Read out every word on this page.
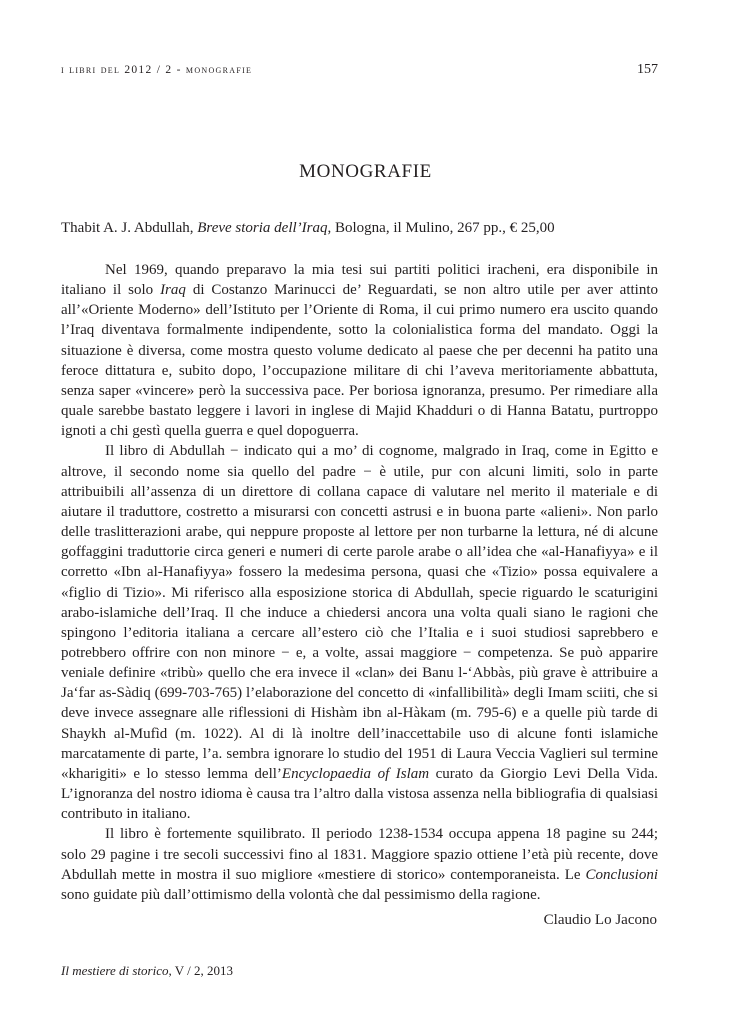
i libri del 2012 / 2 - monografie	157
MONOGRAFIE
Thabit A. J. Abdullah, Breve storia dell’Iraq, Bologna, il Mulino, 267 pp., € 25,00

Nel 1969, quando preparavo la mia tesi sui partiti politici iracheni, era disponibile in italiano il solo Iraq di Costanzo Marinucci de’ Reguardati, se non altro utile per aver attinto all’«Oriente Moderno» dell’Istituto per l’Oriente di Roma, il cui primo numero era uscito quando l’Iraq diventava formalmente indipendente, sotto la colonialistica forma del mandato. Oggi la situazione è diversa, come mostra questo volume dedicato al paese che per decenni ha patito una feroce dittatura e, subito dopo, l’occupazione militare di chi l’aveva meritoriamente abbattuta, senza saper «vincere» però la successiva pace. Per boriosa ignoranza, presumo. Per rimediare alla quale sarebbe bastato leggere i lavori in inglese di Majid Khadduri o di Hanna Batatu, purtroppo ignoti a chi gestì quella guerra e quel dopoguerra.

Il libro di Abdullah − indicato qui a mo’ di cognome, malgrado in Iraq, come in Egitto e altrove, il secondo nome sia quello del padre − è utile, pur con alcuni limiti, solo in parte attribuibili all’assenza di un direttore di collana capace di valutare nel merito il materiale e di aiutare il traduttore, costretto a misurarsi con concetti astrusi e in buona parte «alieni». Non parlo delle traslitterazioni arabe, qui neppure proposte al lettore per non turbarne la lettura, né di alcune goffaggini traduttorie circa generi e numeri di certe parole arabe o all’idea che «al-Hanafiyya» e il corretto «Ibn al-Hanafiyya» fossero la medesima persona, quasi che «Tizio» possa equivalere a «figlio di Tizio». Mi riferisco alla esposizione storica di Abdullah, specie riguardo le scaturigini arabo-islamiche dell’Iraq. Il che induce a chiedersi ancora una volta quali siano le ragioni che spingono l’editoria italiana a cercare all’estero ciò che l’Italia e i suoi studiosi saprebbero e potrebbero offrire con non minore − e, a volte, assai maggiore − competenza. Se può apparire veniale definire «tribù» quello che era invece il «clan» dei Banu l-‘Abbàs, più grave è attribuire a Ja‘far as-Sàdiq (699-703-765) l’elaborazione del concetto di «infallibilità» degli Imam sciiti, che si deve invece assegnare alle riflessioni di Hishàm ibn al-Hàkam (m. 795-6) e a quelle più tarde di Shaykh al-Mufìd (m. 1022). Al di là inoltre dell’inaccettabile uso di alcune fonti islamiche marcatamente di parte, l’a. sembra ignorare lo studio del 1951 di Laura Veccia Vaglieri sul termine «kharigiti» e lo stesso lemma dell’Encyclopaedia of Islam curato da Giorgio Levi Della Vida. L’ignoranza del nostro idioma è causa tra l’altro dalla vistosa assenza nella bibliografia di qualsiasi contributo in italiano.

Il libro è fortemente squilibrato. Il periodo 1238-1534 occupa appena 18 pagine su 244; solo 29 pagine i tre secoli successivi fino al 1831. Maggiore spazio ottiene l’età più recente, dove Abdullah mette in mostra il suo migliore «mestiere di storico» contemporaneista. Le Conclusioni sono guidate più dall’ottimismo della volontà che dal pessimismo della ragione.

Claudio Lo Jacono
Il mestiere di storico, V / 2, 2013
